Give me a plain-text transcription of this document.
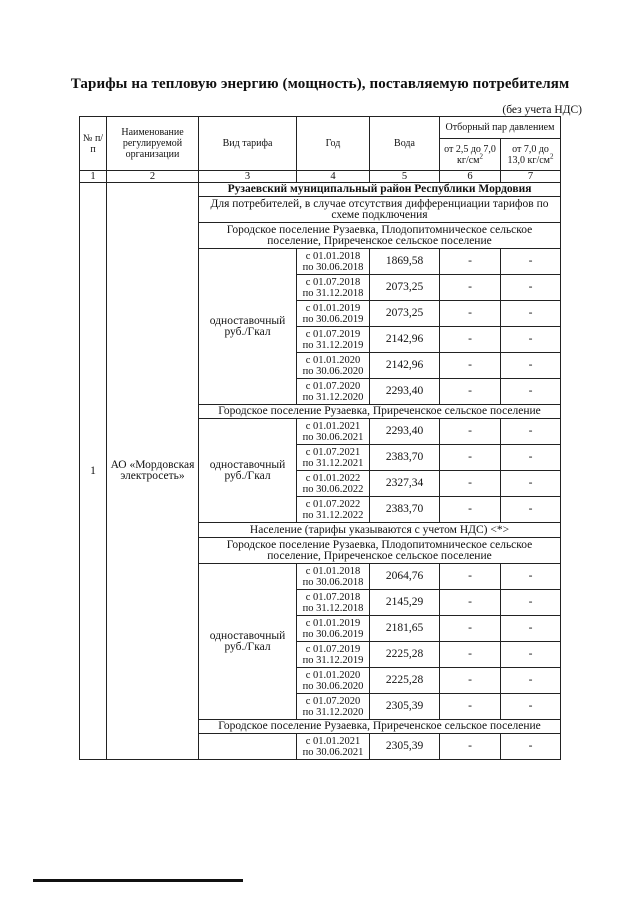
Тарифы на тепловую энергию (мощность), поставляемую потребителям
(без учета НДС)
№ п/п	Наименование регулируемой организации	Вид тарифа	Год	Вода	Отборный пар давлением	
					от 2,5 до 7,0 $кг/см^2$	от 7,0 до 13,0 $кг/см^2$
1	2	3	4	5	6	7
1	АО «Мордовская электросеть»	Рузаевский муниципальный район Республики Мордовия				
		Для потребителей, в случае отсутствия дифференциации тарифов по схеме подключения				
		Городское поселение Рузаевка, Плодопитомническое сельское поселение, Приреченское сельское поселение				
		одноставочный руб./Гкал	с 01.01.2018 по 30.06.2018	1869,58	-	-
			с 01.07.2018 по 31.12.2018	2073,25	-	-
			с 01.01.2019 по 30.06.2019	2073,25	-	-
			с 01.07.2019 по 31.12.2019	2142,96	-	-
			с 01.01.2020 по 30.06.2020	2142,96	-	-
			с 01.07.2020 по 31.12.2020	2293,40	-	-
		Городское поселение Рузаевка, Приреченское сельское поселение				
		одноставочный руб./Гкал	с 01.01.2021 по 30.06.2021	2293,40	-	-
			с 01.07.2021 по 31.12.2021	2383,70	-	-
			с 01.01.2022 по 30.06.2022	2327,34	-	-
			с 01.07.2022 по 31.12.2022	2383,70	-	-
		Население (тарифы указываются с учетом НДС) <*>				
		Городское поселение Рузаевка, Плодопитомническое сельское поселение, Приреченское сельское поселение				
		одноставочный руб./Гкал	с 01.01.2018 по 30.06.2018	2064,76	-	-
			с 01.07.2018 по 31.12.2018	2145,29	-	-
			с 01.01.2019 по 30.06.2019	2181,65	-	-
			с 01.07.2019 по 31.12.2019	2225,28	-	-
			с 01.01.2020 по 30.06.2020	2225,28	-	-
			с 01.07.2020 по 31.12.2020	2305,39	-	-
		Городское поселение Рузаевка, Приреченское сельское поселение				
			с 01.01.2021 по 30.06.2021	2305,39	-	-
